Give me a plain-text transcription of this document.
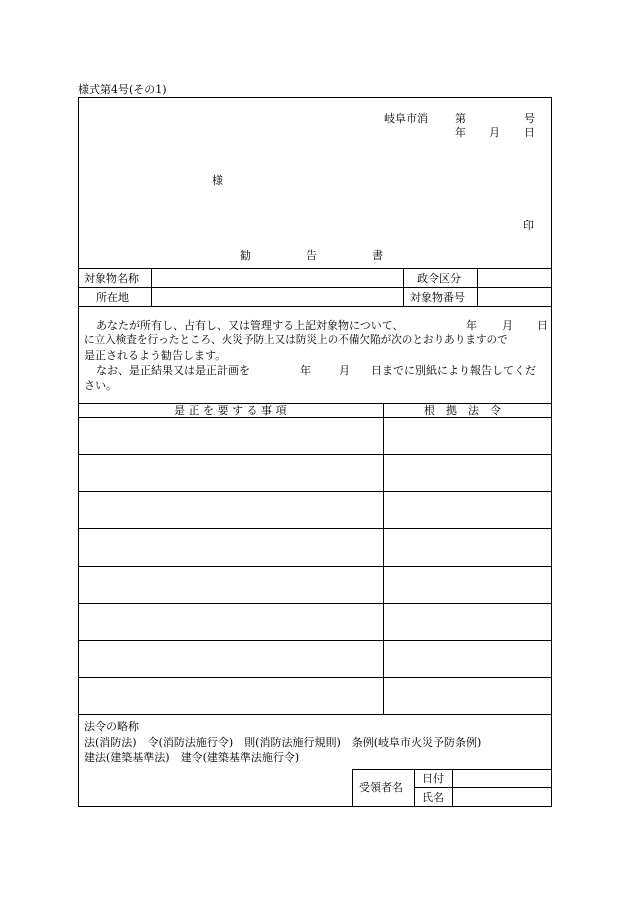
様式第4号(その1)
岐阜市消 第	号
年 月 日
様
印
勧　　　　　告　　　　　書
対象物名称	政令区分
所在地	対象物番号
あなたが所有し、占有し、又は管理する上記対象物について、	年 月 日
に立入検査を行ったところ、火災予防上又は防災上の不備欠陥が次のとおりありますので
是正されるよう勧告します。
なお、是正結果又は是正計画を	年	月 日までに別紙により報告してくだ
さい。
是 正 を 要 す る 事 項	根　拠　法　令
法令の略称
法(消防法)　令(消防法施行令)　則(消防法施行規則)　条例(岐阜市火災予防条例)
建法(建築基準法)　建令(建築基準法施行令)
受領者名
日付
氏名
